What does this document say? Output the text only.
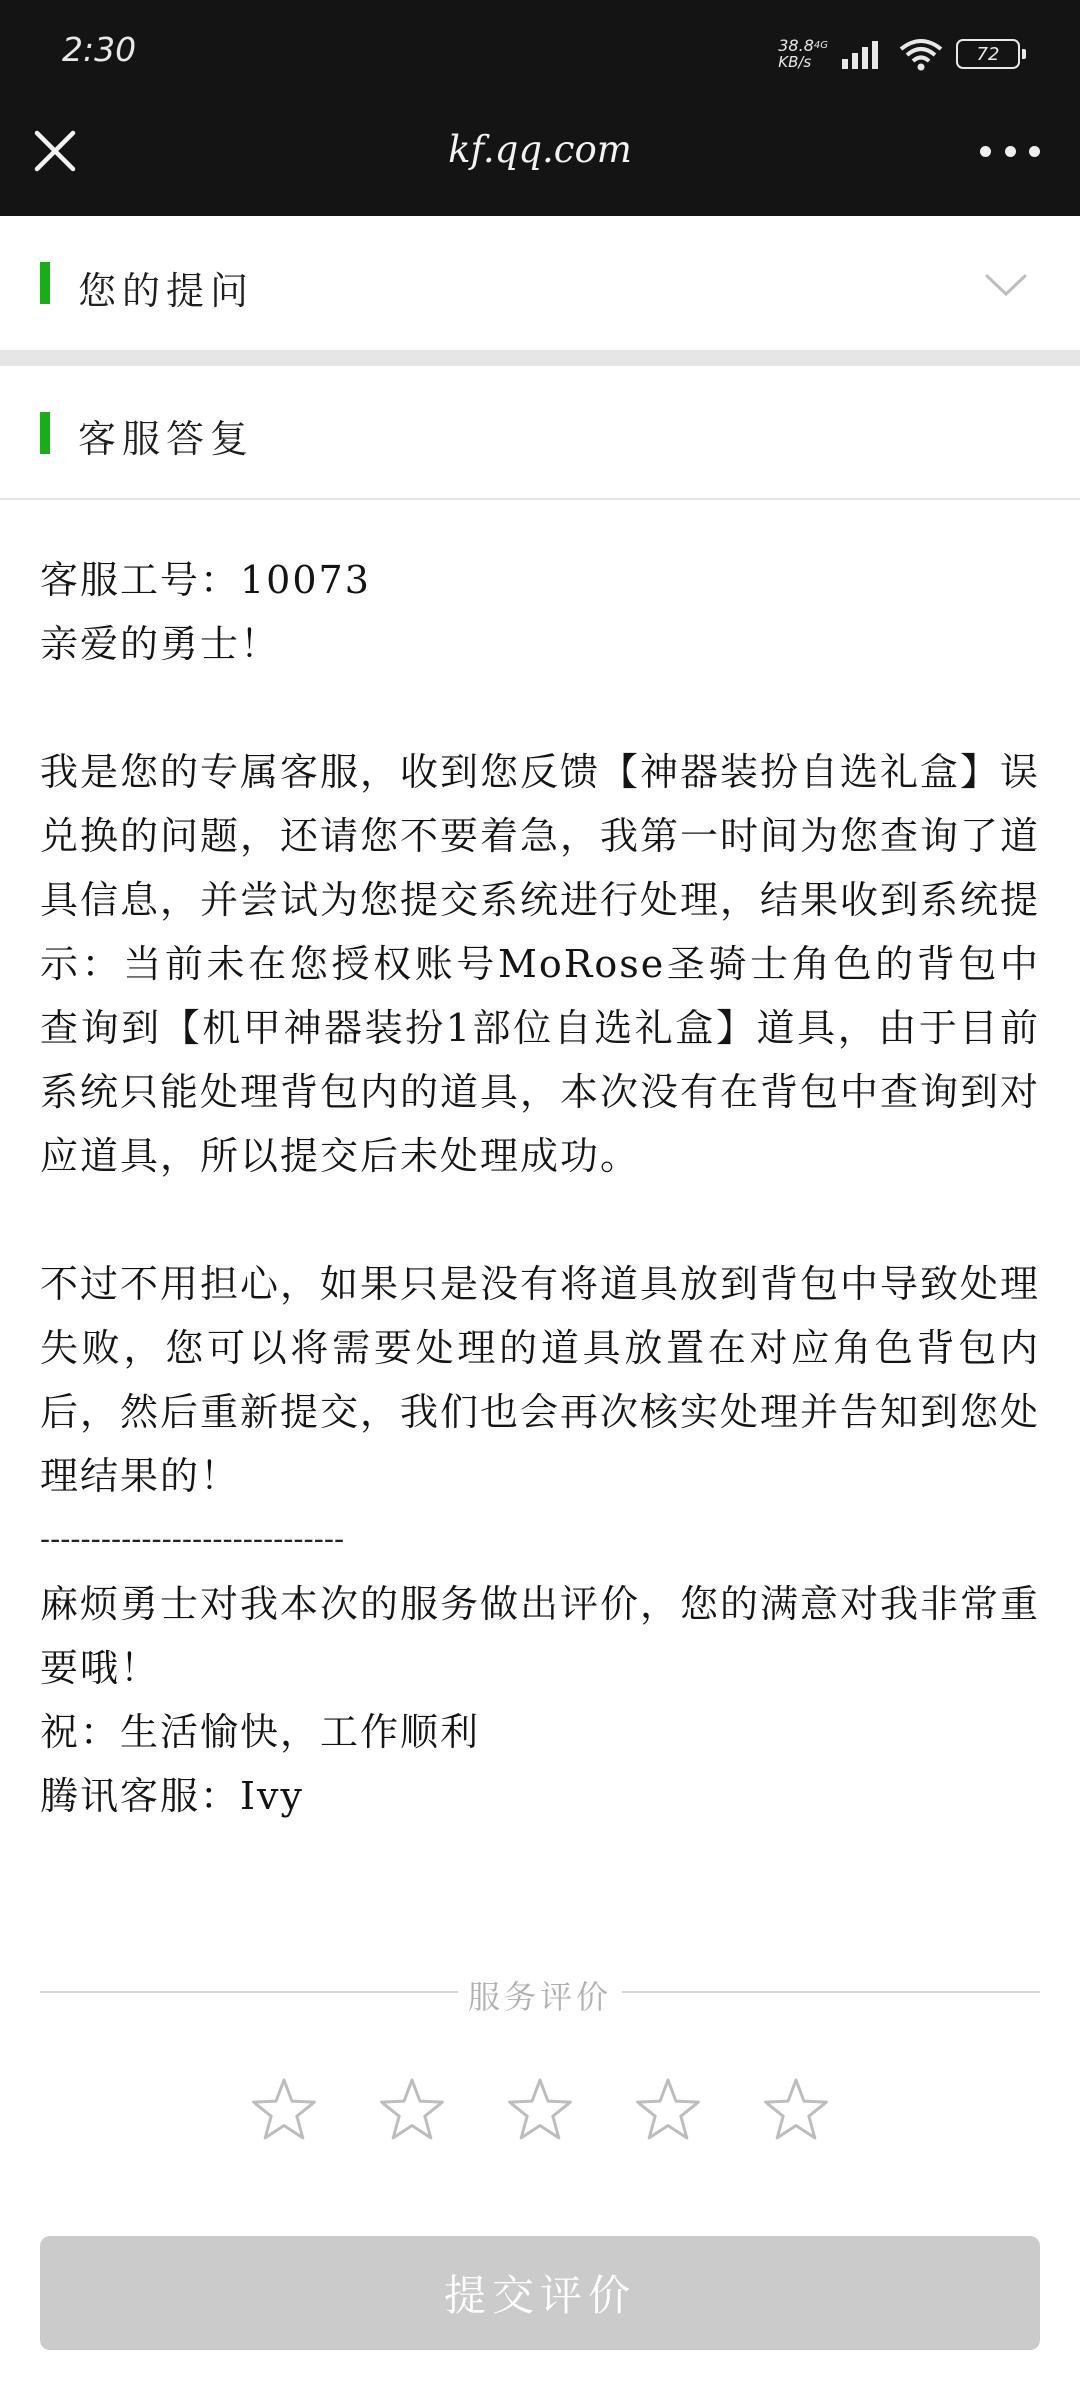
2:30	$38.8^{4G}$
KB/s	72
kf.qq.com
您的提问
客服答复

客服工号：10073

亲爱的勇士！

我是您的专属客服，收到您反馈【神器装扮自选礼盒】误兑换的问题，还请您不要着急，我第一时间为您查询了道具信息，并尝试为您提交系统进行处理，结果收到系统提示：当前未在您授权账号MoRose圣骑士角色的背包中查询到【机甲神器装扮1部位自选礼盒】道具，由于目前系统只能处理背包内的道具，本次没有在背包中查询到对应道具，所以提交后未处理成功。

不过不用担心，如果只是没有将道具放到背包中导致处理失败，您可以将需要处理的道具放置在对应角色背包内后，然后重新提交，我们也会再次核实处理并告知到您处理结果的！

------------------------------

麻烦勇士对我本次的服务做出评价，您的满意对我非常重要哦！

祝：生活愉快，工作顺利

腾讯客服：Ivy

服务评价
提交评价
